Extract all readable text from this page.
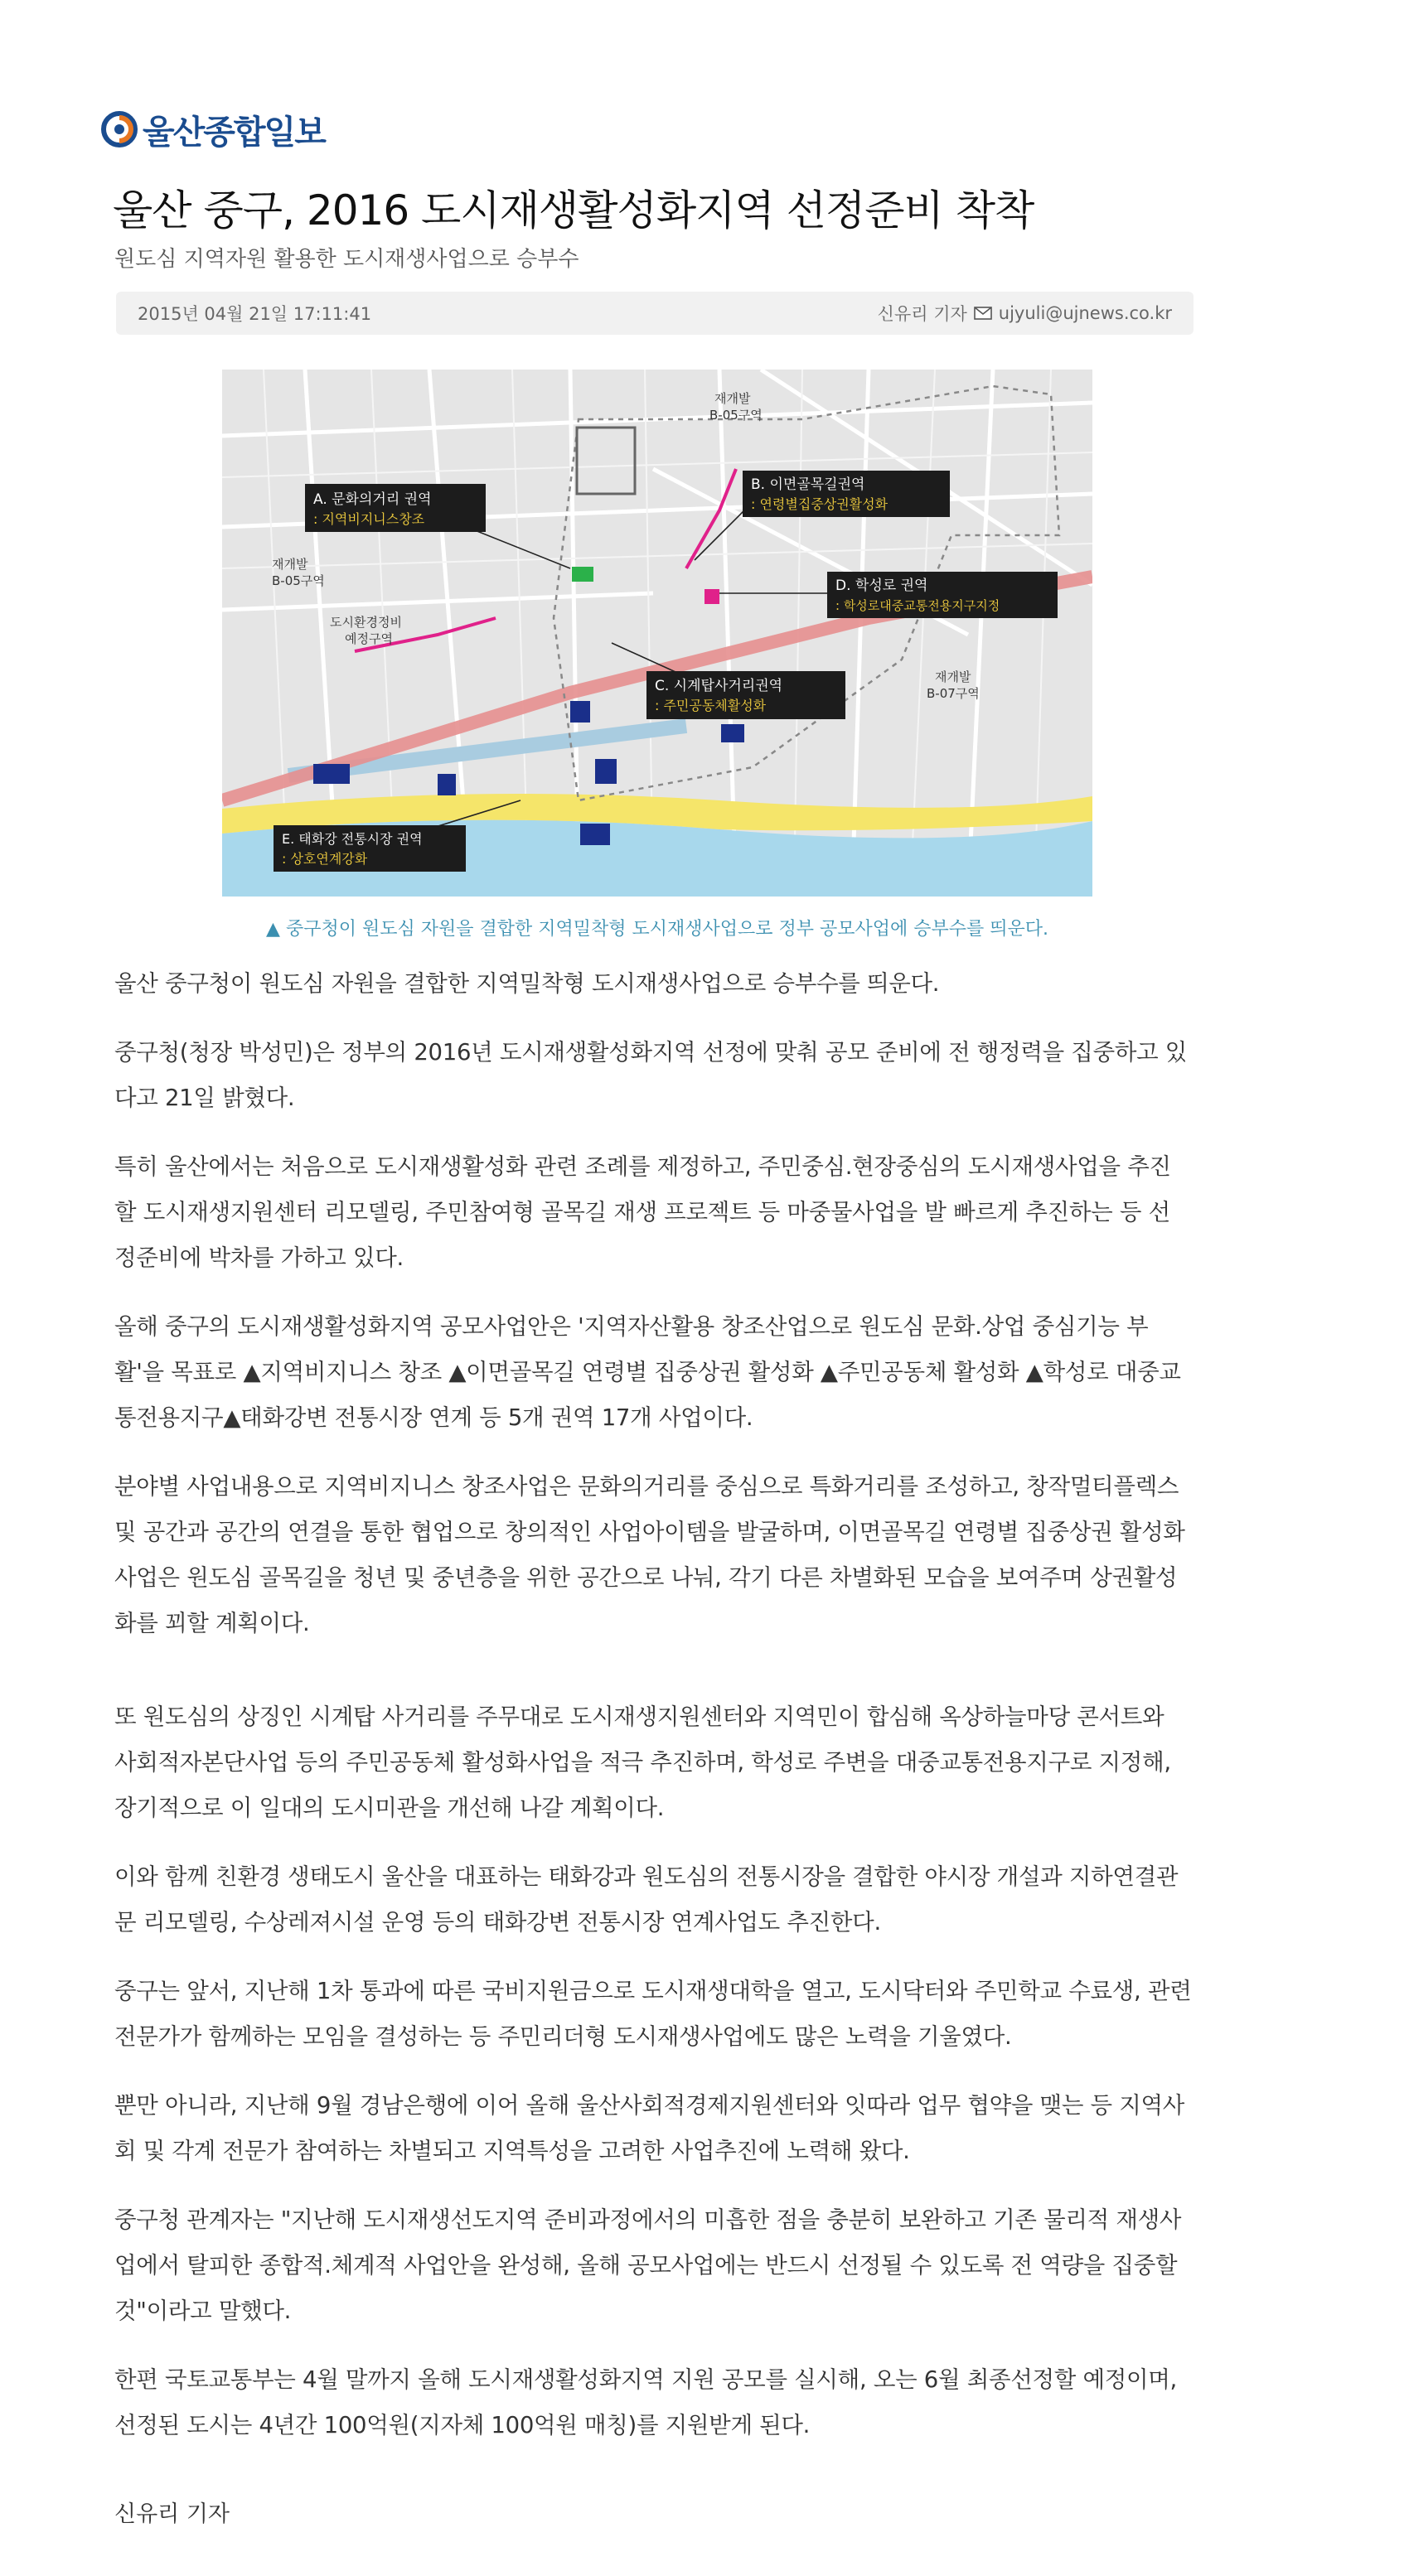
울산종합일보
울산 중구, 2016 도시재생활성화지역 선정준비 착착
원도심 지역자원 활용한 도시재생사업으로 승부수
2015년 04월 21일 17:11:41	신유리 기자 ujyuli@ujnews.co.kr
A. 문화의거리 권역
: 지역비지니스창조
B. 이면골목길권역
: 연령별집중상권활성화
D. 학성로 권역
: 학성로대중교통전용지구지정
C. 시계탑사거리권역
: 주민공동체활성화
E. 태화강 전통시장 권역
: 상호연계강화
재개발
B-05구역
재개발
B-05구역
재개발
B-07구역
도시환경정비
예정구역
▲ 중구청이 원도심 자원을 결합한 지역밀착형 도시재생사업으로 정부 공모사업에 승부수를 띄운다.

울산 중구청이 원도심 자원을 결합한 지역밀착형 도시재생사업으로 승부수를 띄운다.

중구청(청장 박성민)은 정부의 2016년 도시재생활성화지역 선정에 맞춰 공모 준비에 전 행정력을 집중하고 있다고 21일 밝혔다.

특히 울산에서는 처음으로 도시재생활성화 관련 조례를 제정하고, 주민중심.현장중심의 도시재생사업을 추진할 도시재생지원센터 리모델링, 주민참여형 골목길 재생 프로젝트 등 마중물사업을 발 빠르게 추진하는 등 선정준비에 박차를 가하고 있다.

올해 중구의 도시재생활성화지역 공모사업안은 '지역자산활용 창조산업으로 원도심 문화.상업 중심기능 부활'을 목표로 ▲지역비지니스 창조 ▲이면골목길 연령별 집중상권 활성화 ▲주민공동체 활성화 ▲학성로 대중교통전용지구▲태화강변 전통시장 연계 등 5개 권역 17개 사업이다.

분야별 사업내용으로 지역비지니스 창조사업은 문화의거리를 중심으로 특화거리를 조성하고, 창작멀티플렉스 및 공간과 공간의 연결을 통한 협업으로 창의적인 사업아이템을 발굴하며, 이면골목길 연령별 집중상권 활성화사업은 원도심 골목길을 청년 및 중년층을 위한 공간으로 나눠, 각기 다른 차별화된 모습을 보여주며 상권활성화를 꾀할 계획이다.

또 원도심의 상징인 시계탑 사거리를 주무대로 도시재생지원센터와 지역민이 합심해 옥상하늘마당 콘서트와 사회적자본단사업 등의 주민공동체 활성화사업을 적극 추진하며, 학성로 주변을 대중교통전용지구로 지정해, 장기적으로 이 일대의 도시미관을 개선해 나갈 계획이다.

이와 함께 친환경 생태도시 울산을 대표하는 태화강과 원도심의 전통시장을 결합한 야시장 개설과 지하연결관문 리모델링, 수상레져시설 운영 등의 태화강변 전통시장 연계사업도 추진한다.

중구는 앞서, 지난해 1차 통과에 따른 국비지원금으로 도시재생대학을 열고, 도시닥터와 주민학교 수료생, 관련 전문가가 함께하는 모임을 결성하는 등 주민리더형 도시재생사업에도 많은 노력을 기울였다.

뿐만 아니라, 지난해 9월 경남은행에 이어 올해 울산사회적경제지원센터와 잇따라 업무 협약을 맺는 등 지역사회 및 각계 전문가 참여하는 차별되고 지역특성을 고려한 사업추진에 노력해 왔다.

중구청 관계자는 "지난해 도시재생선도지역 준비과정에서의 미흡한 점을 충분히 보완하고 기존 물리적 재생사업에서 탈피한 종합적.체계적 사업안을 완성해, 올해 공모사업에는 반드시 선정될 수 있도록 전 역량을 집중할 것"이라고 말했다.

한편 국토교통부는 4월 말까지 올해 도시재생활성화지역 지원 공모를 실시해, 오는 6월 최종선정할 예정이며, 선정된 도시는 4년간 100억원(지자체 100억원 매칭)를 지원받게 된다.

신유리 기자
